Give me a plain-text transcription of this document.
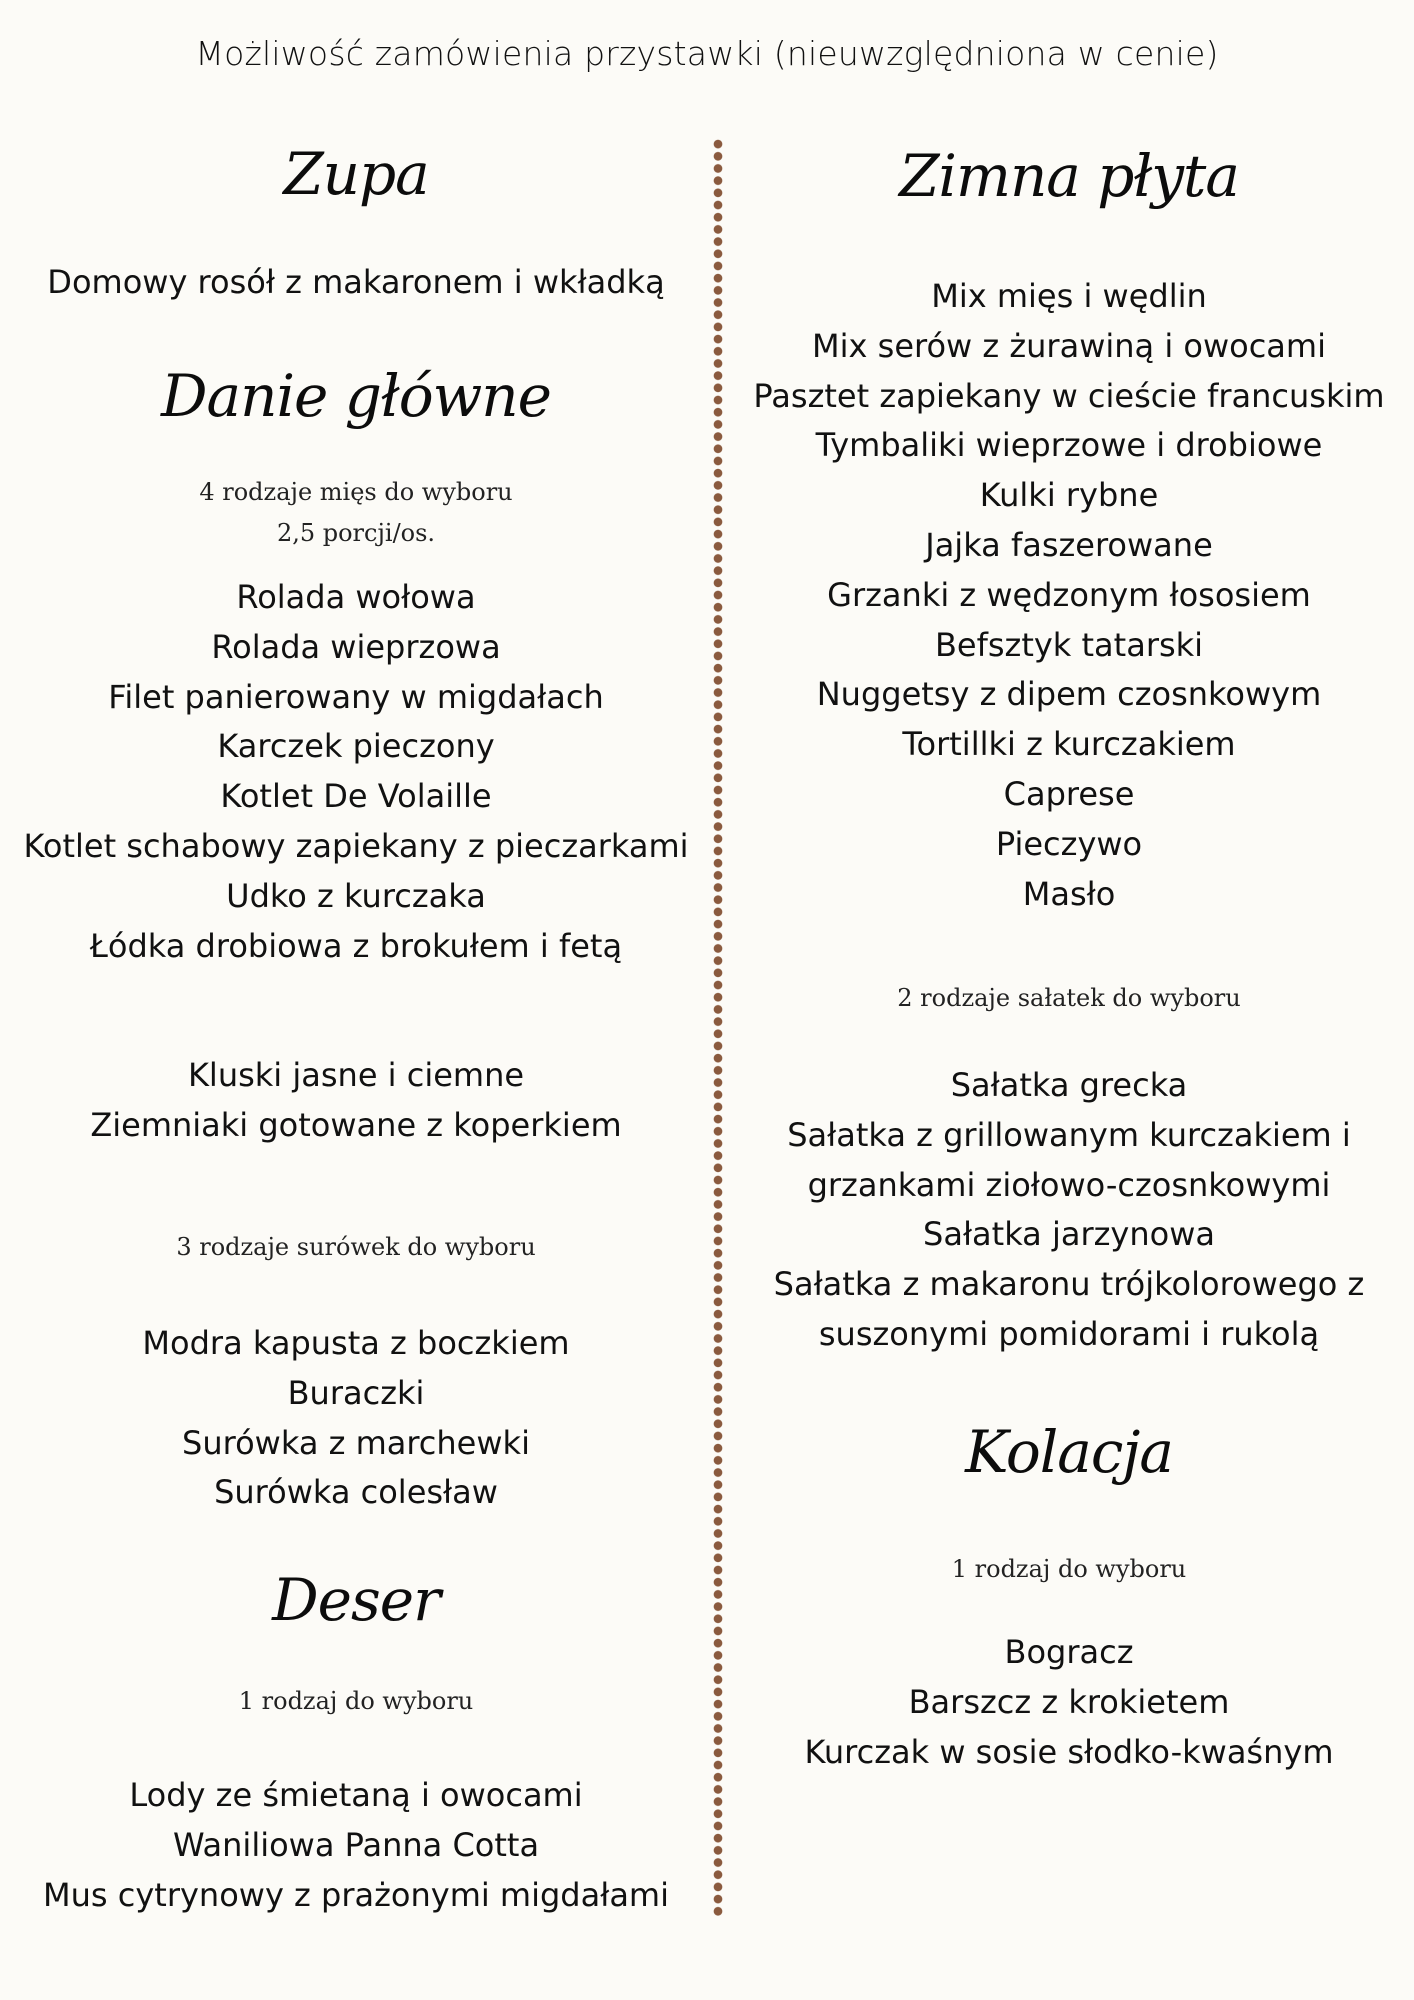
Możliwość zamówienia przystawki (nieuwzględniona w cenie)
Zupa
Domowy rosół z makaronem i wkładką
Danie główne
4 rodzaje mięs do wyboru
2,5 porcji/os.
Rolada wołowa
Rolada wieprzowa
Filet panierowany w migdałach
Karczek pieczony
Kotlet De Volaille
Kotlet schabowy zapiekany z pieczarkami
Udko z kurczaka
Łódka drobiowa z brokułem i fetą
Kluski jasne i ciemne
Ziemniaki gotowane z koperkiem
3 rodzaje surówek do wyboru
Modra kapusta z boczkiem
Buraczki
Surówka z marchewki
Surówka colesław
Deser
1 rodzaj do wyboru
Lody ze śmietaną i owocami
Waniliowa Panna Cotta
Mus cytrynowy z prażonymi migdałami
Zimna płyta
Mix mięs i wędlin
Mix serów z żurawiną i owocami
Pasztet zapiekany w cieście francuskim
Tymbaliki wieprzowe i drobiowe
Kulki rybne
Jajka faszerowane
Grzanki z wędzonym łososiem
Befsztyk tatarski
Nuggetsy z dipem czosnkowym
Tortillki z kurczakiem
Caprese
Pieczywo
Masło
2 rodzaje sałatek do wyboru
Sałatka grecka
Sałatka z grillowanym kurczakiem i
grzankami ziołowo-czosnkowymi
Sałatka jarzynowa
Sałatka z makaronu trójkolorowego z
suszonymi pomidorami i rukolą
Kolacja
1 rodzaj do wyboru
Bogracz
Barszcz z krokietem
Kurczak w sosie słodko-kwaśnym
